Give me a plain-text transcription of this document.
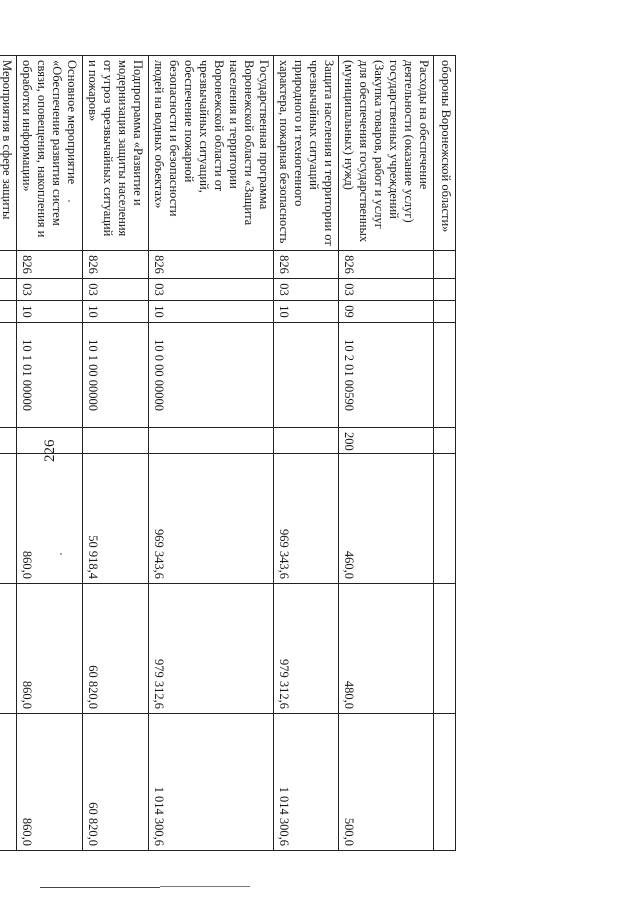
226
обороны Воронежской области»								
Расходы на обеспечение деятельности (оказание услуг) государственных учреждений (Закупка товаров, работ и услуг для обеспечения государственных (муниципальных) нужд)	826	03	09	10 2 01 00590	200	460,0	480,0	500,0
Защита населения и территории от чрезвычайных ситуаций природного и техногенного характера, пожарная безопасность	826	03	10			969 343,6	979 312,6	1 014 300,6
Государственная программа Воронежской области «Защита населения и территории Воронежской области от чрезвычайных ситуаций, обеспечение пожарной безопасности и безопасности людей на водных объектах»	826	03	10	10 0 00 00000		969 343,6	979 312,6	1 014 300,6
Подпрограмма «Развитие и модернизация защиты населения от угроз чрезвычайных ситуаций и пожаров»	826	03	10	10 1 00 00000		50 918,4	60 820,0	60 820,0
Основное мероприятие «Обеспечение развития систем связи, оповещения, накопления и обработки информации»	826	03	10	10 1 01 00000		860,0	860,0	860,0
Мероприятия в сфере защиты								
